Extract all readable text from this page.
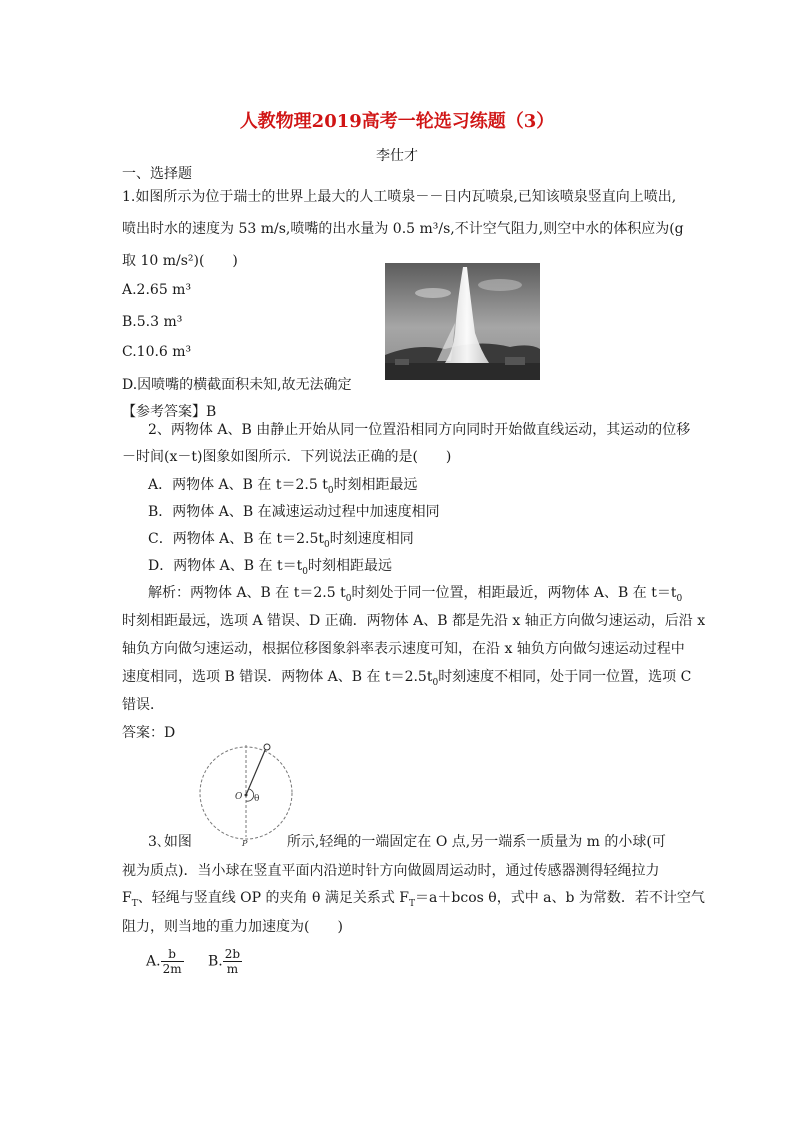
人教物理2019高考一轮选习练题（3）
李仕才
一、选择题
1.如图所示为位于瑞士的世界上最大的人工喷泉－－日内瓦喷泉,已知该喷泉竖直向上喷出,
喷出时水的速度为 53 m/s,喷嘴的出水量为 0.5 m³/s,不计空气阻力,则空中水的体积应为(g
取 10 m/s²)(　　)
A.2.65 m³
B.5.3 m³
C.10.6 m³
D.因喷嘴的横截面积未知,故无法确定
【参考答案】B
2、两物体 A、B 由静止开始从同一位置沿相同方向同时开始做直线运动，其运动的位移
－时间(x－t)图象如图所示．下列说法正确的是(　　)
A．两物体 A、B 在 t＝2.5 $t_0$时刻相距最远
B．两物体 A、B 在减速运动过程中加速度相同
C．两物体 A、B 在 $t=2.5t_0$时刻速度相同
D．两物体 A、B 在 $t=t_0$时刻相距最远
解析：两物体 A、B 在 t＝2.5 $t_0$时刻处于同一位置，相距最近，两物体 A、B 在 $t=t_0$
时刻相距最远，选项 A 错误、D 正确．两物体 A、B 都是先沿 x 轴正方向做匀速运动，后沿 x
轴负方向做匀速运动，根据位移图象斜率表示速度可知，在沿 x 轴负方向做匀速运动过程中
速度相同，选项 B 错误．两物体 A、B 在 $t=2.5t_0$时刻速度不相同，处于同一位置，选项 C
错误．
答案：D
O θ
P
3､如图	所示,轻绳的一端固定在 O 点,另一端系一质量为 m 的小球(可
视为质点)．当小球在竖直平面内沿逆时针方向做圆周运动时，通过传感器测得轻绳拉力
$F_T$、轻绳与竖直线 OP 的夹角 θ 满足关系式 $F_T=a+bcos$ θ，式中 a、b 为常数．若不计空气
阻力，则当地的重力加速度为(　　)
A. $\frac{b}{2m} B$. $\frac{2b}{m}$
